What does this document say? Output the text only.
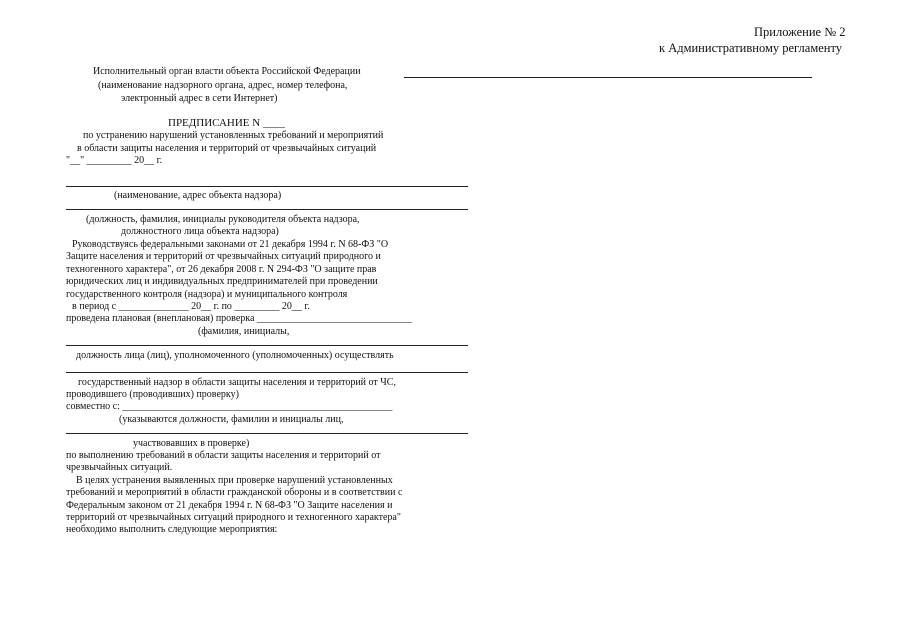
Приложение № 2
к Административному регламенту
Исполнительный орган власти объекта Российской Федерации
(наименование надзорного органа, адрес, номер телефона,
электронный адрес в сети Интернет)
ПРЕДПИСАНИЕ N ____
по устранению нарушений установленных требований и мероприятий
в области защиты населения и территорий от чрезвычайных ситуаций
"__" _________ 20__ г.
(наименование, адрес объекта надзора)
(должность, фамилия, инициалы руководителя объекта надзора,
должностного лица объекта надзора)
Руководствуясь федеральными законами от 21 декабря 1994 г. N 68-ФЗ "О
Защите населения и территорий от чрезвычайных ситуаций природного и
техногенного характера", от 26 декабря 2008 г. N 294-ФЗ "О защите прав
юридических лиц и индивидуальных предпринимателей при проведении
государственного контроля (надзора) и муниципального контроля
в период с ______________ 20__ г. по _________ 20__ г.
проведена плановая (внеплановая) проверка _______________________________
(фамилия, инициалы,
должность лица (лиц), уполномоченного (уполномоченных) осуществлять
государственный надзор в области защиты населения и территорий от ЧС,
проводившего (проводивших) проверку)
совместно с: ______________________________________________________
(указываются должности, фамилии и инициалы лиц,
участвовавших в проверке)
по выполнению требований в области защиты населения и территорий от
чрезвычайных ситуаций.
В целях устранения выявленных при проверке нарушений установленных
требований и мероприятий в области гражданской обороны и в соответствии с
Федеральным законом от 21 декабря 1994 г. N 68-ФЗ "О Защите населения и
территорий от чрезвычайных ситуаций природного и техногенного характера"
необходимо выполнить следующие мероприятия:
